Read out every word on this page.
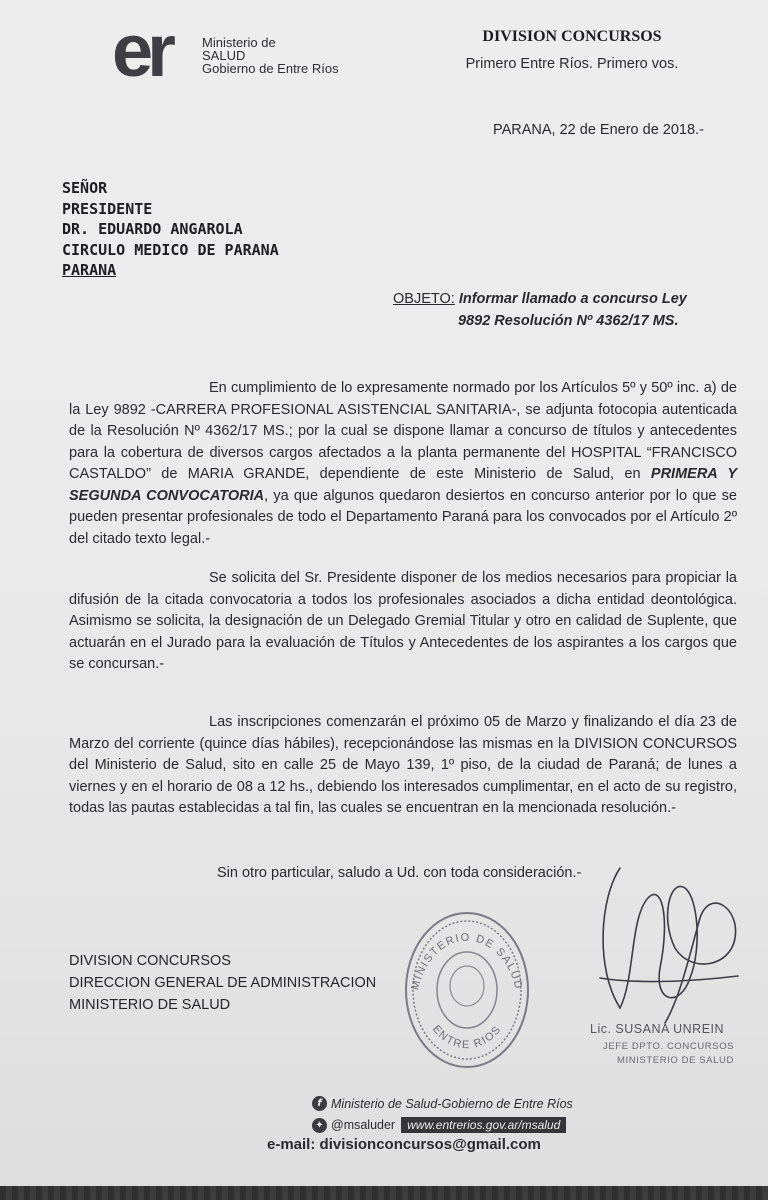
er	Ministerio de
SALUD
Gobierno de Entre Ríos
DIVISION CONCURSOS
Primero Entre Ríos. Primero vos.
PARANA, 22 de Enero de 2018.-
SEÑOR
PRESIDENTE
DR. EDUARDO ANGAROLA
CIRCULO MEDICO DE PARANA
PARANA
OBJETO: Informar llamado a concurso Ley
9892 Resolución Nº 4362/17 MS.
En cumplimiento de lo expresamente normado por los Artículos 5º y 50º inc. a) de la Ley 9892 -CARRERA PROFESIONAL ASISTENCIAL SANITARIA-, se adjunta fotocopia autenticada de la Resolución Nº 4362/17 MS.; por la cual se dispone llamar a concurso de títulos y antecedentes para la cobertura de diversos cargos afectados a la planta permanente del HOSPITAL “FRANCISCO CASTALDO” de MARIA GRANDE, dependiente de este Ministerio de Salud, en PRIMERA Y SEGUNDA CONVOCATORIA, ya que algunos quedaron desiertos en concurso anterior por lo que se pueden presentar profesionales de todo el Departamento Paraná para los convocados por el Artículo 2º del citado texto legal.-
Se solicita del Sr. Presidente disponer de los medios necesarios para propiciar la difusión de la citada convocatoria a todos los profesionales asociados a dicha entidad deontológica. Asimismo se solicita, la designación de un Delegado Gremial Titular y otro en calidad de Suplente, que actuarán en el Jurado para la evaluación de Títulos y Antecedentes de los aspirantes a los cargos que se concursan.-
Las inscripciones comenzarán el próximo 05 de Marzo y finalizando el día 23 de Marzo del corriente (quince días hábiles), recepcionándose las mismas en la DIVISION CONCURSOS del Ministerio de Salud, sito en calle 25 de Mayo 139, 1º piso, de la ciudad de Paraná; de lunes a viernes y en el horario de 08 a 12 hs., debiendo los interesados cumplimentar, en el acto de su registro, todas las pautas establecidas a tal fin, las cuales se encuentran en la mencionada resolución.-
Sin otro particular, saludo a Ud. con toda consideración.-
DIVISION CONCURSOS
DIRECCION GENERAL DE ADMINISTRACION
MINISTERIO DE SALUD
MINISTERIO DE SALUD
ENTRE RIOS	Lic. SUSANA UNREIN
JEFE DPTO. CONCURSOS
MINISTERIO DE SALUD
f Ministerio de Salud-Gobierno de Entre Ríos
✦ @msaluder	www.entrerios.gov.ar/msalud
e-mail: divisionconcursos@gmail.com
